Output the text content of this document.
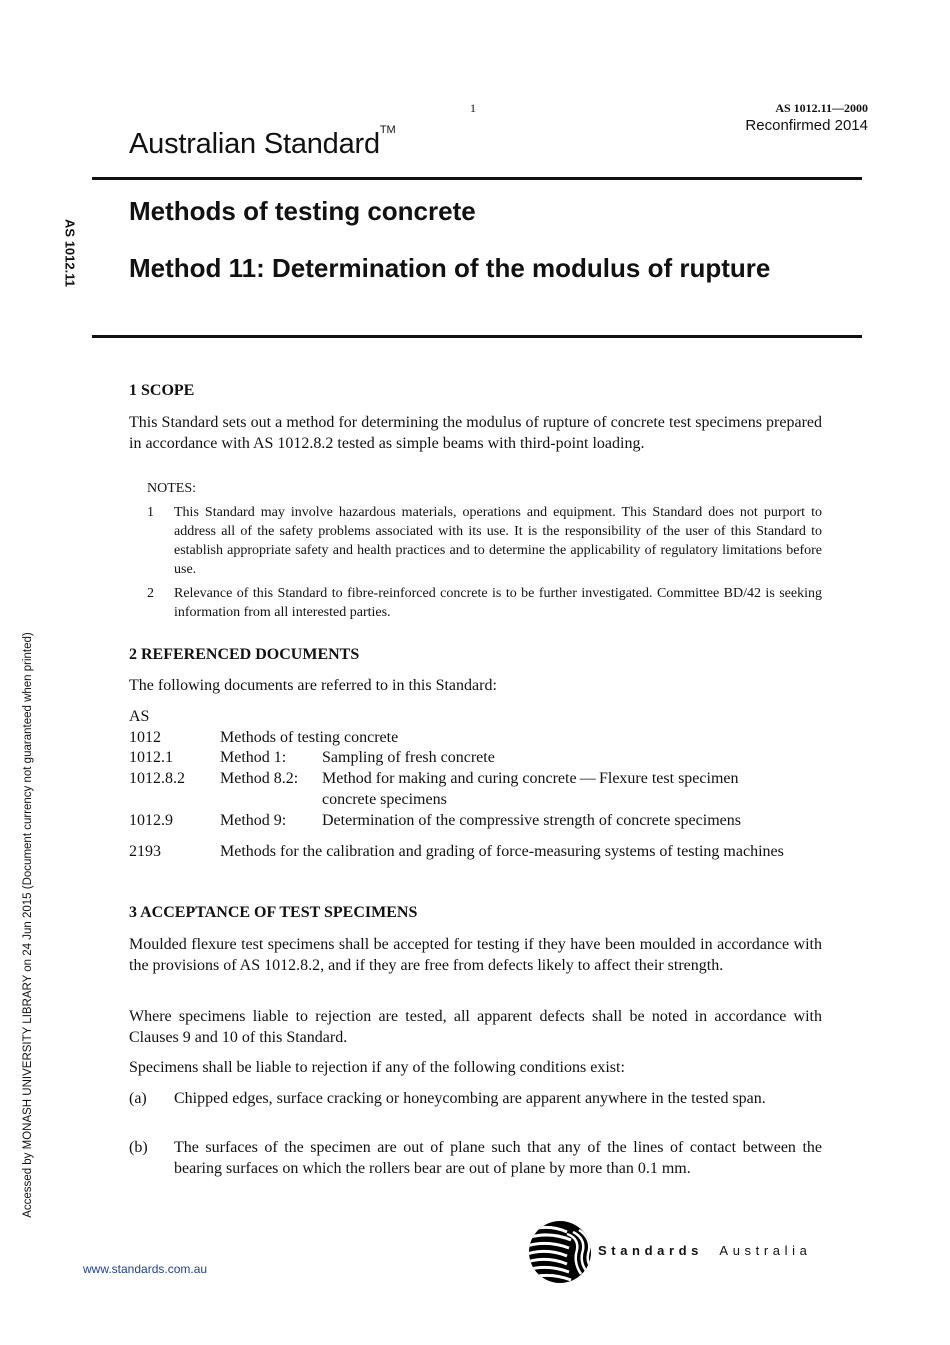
1	AS 1012.11—2000
Reconfirmed 2014
Australian Standard™
AS 1012.11
Accessed by MONASH UNIVERSITY LIBRARY on 24 Jun 2015 (Document currency not guaranteed when printed)
Methods of testing concrete
Method 11: Determination of the modulus of rupture
1 SCOPE
This Standard sets out a method for determining the modulus of rupture of concrete test specimens prepared in accordance with AS 1012.8.2 tested as simple beams with third-point loading.
NOTES:
1 This Standard may involve hazardous materials, operations and equipment. This Standard does not purport to address all of the safety problems associated with its use. It is the responsibility of the user of this Standard to establish appropriate safety and health practices and to determine the applicability of regulatory limitations before use.
2 Relevance of this Standard to fibre-reinforced concrete is to be further investigated. Committee BD/42 is seeking information from all interested parties.
2 REFERENCED DOCUMENTS
The following documents are referred to in this Standard:
AS
1012	Methods of testing concrete
1012.1	Method 1: Sampling of fresh concrete
1012.8.2 Method 8.2: Method for making and curing concrete — Flexure test specimen
concrete specimens
1012.9	Method 9: Determination of the compressive strength of concrete specimens
2193	Methods for the calibration and grading of force-measuring systems of testing machines
3 ACCEPTANCE OF TEST SPECIMENS
Moulded flexure test specimens shall be accepted for testing if they have been moulded in accordance with the provisions of AS 1012.8.2, and if they are free from defects likely to affect their strength.
Where specimens liable to rejection are tested, all apparent defects shall be noted in accordance with Clauses 9 and 10 of this Standard.
Specimens shall be liable to rejection if any of the following conditions exist:
(a) Chipped edges, surface cracking or honeycombing are apparent anywhere in the tested span.
(b) The surfaces of the specimen are out of plane such that any of the lines of contact between the bearing surfaces on which the rollers bear are out of plane by more than 0.1 mm.
www.standards.com.au
Standards Australia
